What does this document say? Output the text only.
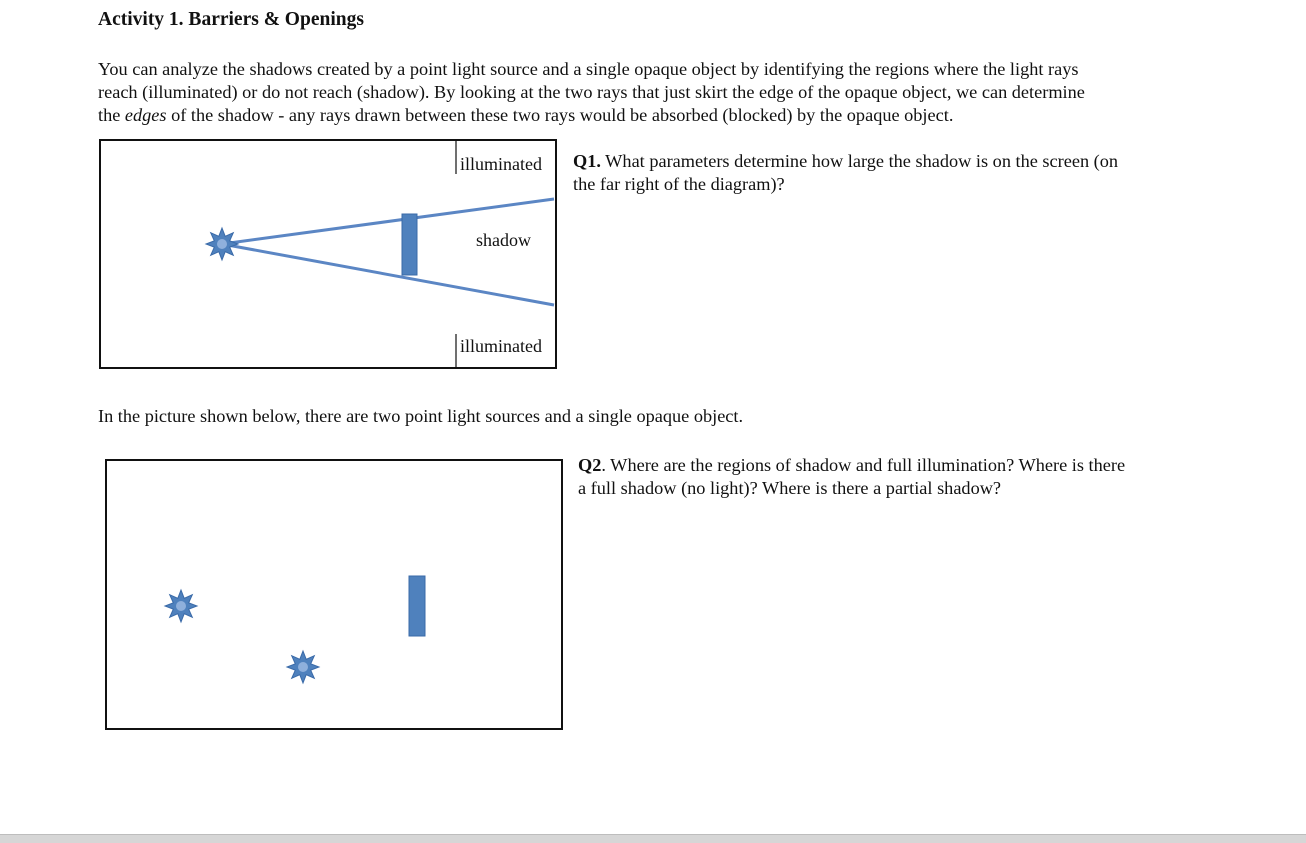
Activity 1. Barriers & Openings
You can analyze the shadows created by a point light source and a single opaque object by identifying the regions where the light rays
reach (illuminated) or do not reach (shadow). By looking at the two rays that just skirt the edge of the opaque object, we can determine
the edges of the shadow - any rays drawn between these two rays would be absorbed (blocked) by the opaque object.
illuminated
shadow
illuminated
Q1. What parameters determine how large the shadow is on the screen (on
the far right of the diagram)?
In the picture shown below, there are two point light sources and a single opaque object.
Q2. Where are the regions of shadow and full illumination? Where is there
a full shadow (no light)? Where is there a partial shadow?
